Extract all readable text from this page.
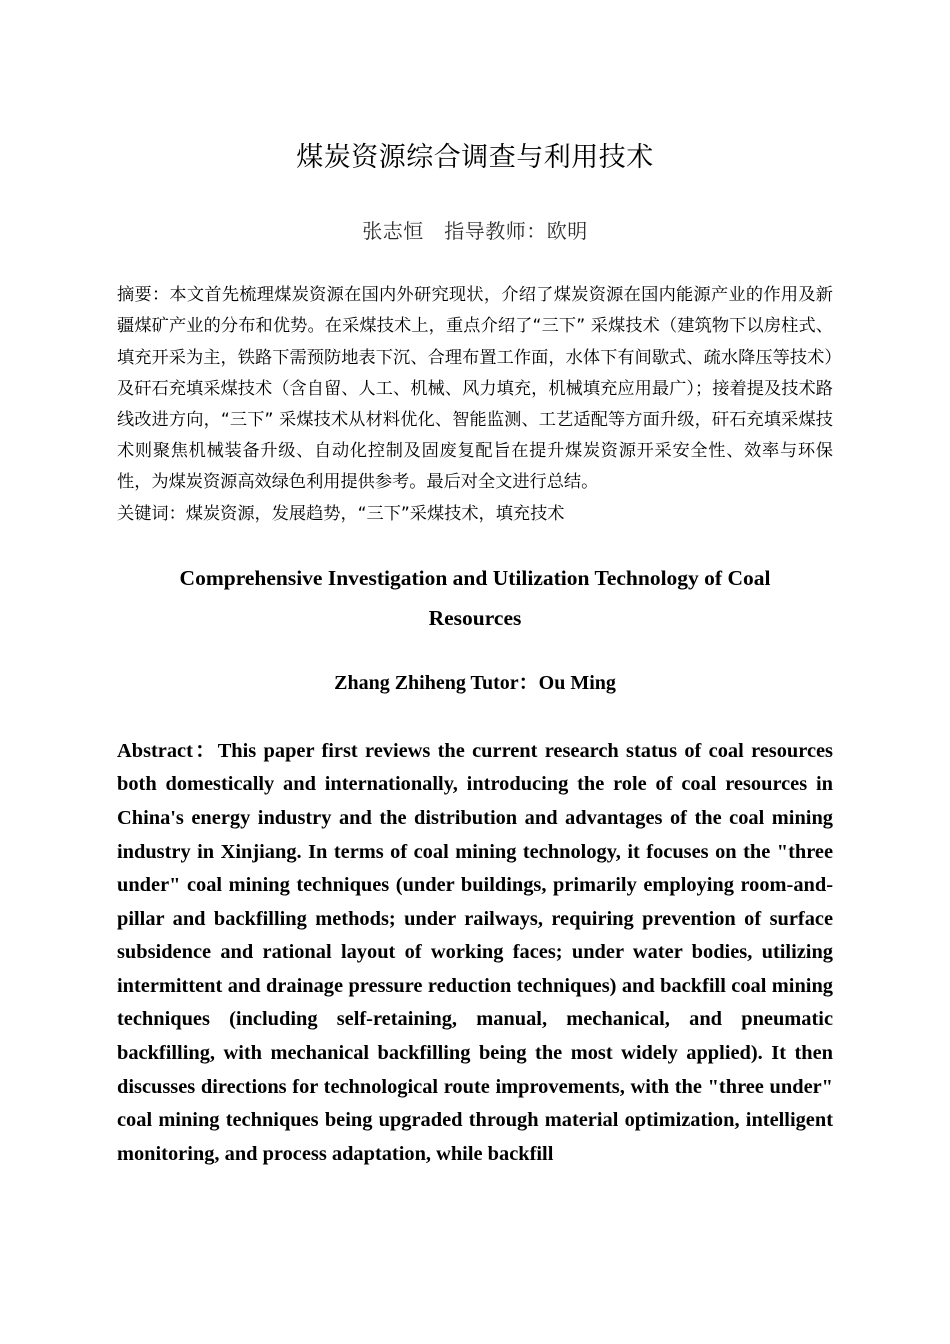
煤炭资源综合调查与利用技术

张志恒　指导教师：欧明

摘要：本文首先梳理煤炭资源在国内外研究现状，介绍了煤炭资源在国内能源产业的作用及新疆煤矿产业的分布和优势。在采煤技术上，重点介绍了“三下” 采煤技术（建筑物下以房柱式、填充开采为主，铁路下需预防地表下沉、合理布置工作面，水体下有间歇式、疏水降压等技术）及矸石充填采煤技术（含自留、人工、机械、风力填充，机械填充应用最广）；接着提及技术路线改进方向，“三下” 采煤技术从材料优化、智能监测、工艺适配等方面升级，矸石充填采煤技术则聚焦机械装备升级、自动化控制及固废复配旨在提升煤炭资源开采安全性、效率与环保性，为煤炭资源高效绿色利用提供参考。最后对全文进行总结。

关键词：煤炭资源，发展趋势，“三下”采煤技术，填充技术

Comprehensive Investigation and Utilization Technology of Coal Resources

Zhang Zhiheng Tutor：Ou Ming

Abstract：This paper first reviews the current research status of coal resources both domestically and internationally, introducing the role of coal resources in China's energy industry and the distribution and advantages of the coal mining industry in Xinjiang. In terms of coal mining technology, it focuses on the "three under" coal mining techniques (under buildings, primarily employing room-and-pillar and backfilling methods; under railways, requiring prevention of surface subsidence and rational layout of working faces; under water bodies, utilizing intermittent and drainage pressure reduction techniques) and backfill coal mining techniques (including self-retaining, manual, mechanical, and pneumatic backfilling, with mechanical backfilling being the most widely applied). It then discusses directions for technological route improvements, with the "three under" coal mining techniques being upgraded through material optimization, intelligent monitoring, and process adaptation, while backfill
